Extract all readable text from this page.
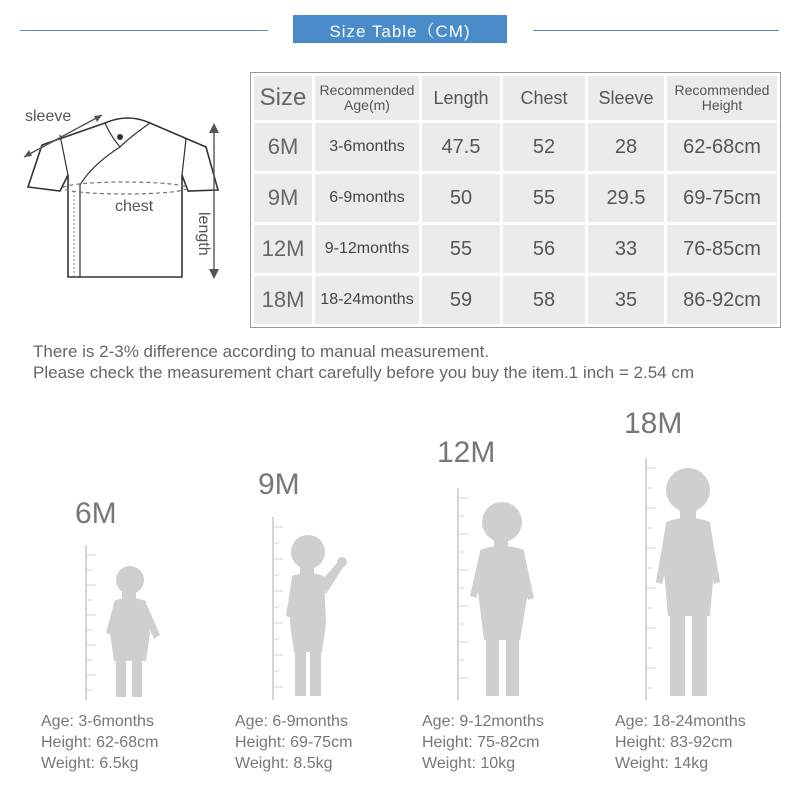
Size Table（CM)
sleeve
chest
length
Size	Recommended Age(m)	Length	Chest	Sleeve	Recommended Height
6M	3-6months	47.5	52	28	62-68cm
9M	6-9months	50	55	29.5	69-75cm
12M	9-12months	55	56	33	76-85cm
18M	18-24months	59	58	35	86-92cm
There is 2-3% difference according to manual measurement.
Please check the measurement chart carefully before you buy the item.1 inch = 2.54 cm
6M
Age: 3-6months
Height: 62-68cm
Weight: 6.5kg
9M
Age: 6-9months
Height: 69-75cm
Weight: 8.5kg
12M
Age: 9-12months
Height: 75-82cm
Weight: 10kg
18M
Age: 18-24months
Height: 83-92cm
Weight: 14kg
